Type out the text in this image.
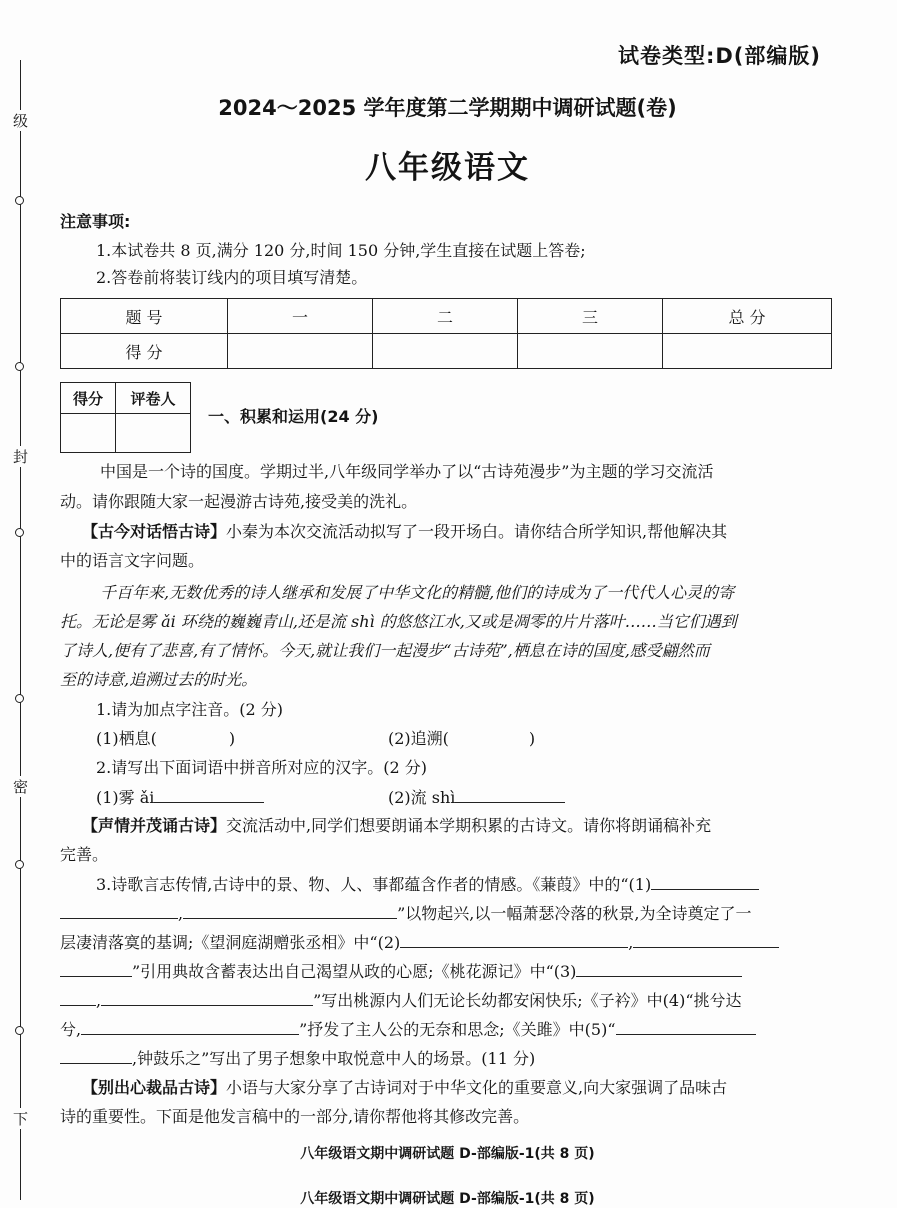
级
封
密
下
试卷类型:D(部编版)
2024～2025 学年度第二学期期中调研试题(卷)
八年级语文
注意事项:
1.本试卷共 8 页,满分 120 分,时间 150 分钟,学生直接在试题上答卷;
2.答卷前将装订线内的项目填写清楚。
题 号	一	二	三	总 分
得 分				
得分	评卷人

一、积累和运用(24 分)
中国是一个诗的国度。学期过半,八年级同学举办了以“古诗苑漫步”为主题的学习交流活
动。请你跟随大家一起漫游古诗苑,接受美的洗礼。
【古今对话悟古诗】小秦为本次交流活动拟写了一段开场白。请你结合所学知识,帮他解决其
中的语言文字问题。
千百年来,无数优秀的诗人继承和发展了中华文化的精髓,他们的诗成为了一代代人心灵的寄
托。无论是雾 ǎi 环绕的巍巍青山,还是流 shì 的悠悠江水,又或是凋零的片片落叶……当它们遇到
了诗人,便有了悲喜,有了情怀。今天,就让我们一起漫步“古诗苑”,栖息在诗的国度,感受翩然而
至的诗意,追溯过去的时光。
1.请为加点字注音。(2 分)
(1)栖息(	)	(2)追溯(	)
2.请写出下面词语中拼音所对应的汉字。(2 分)
(1)雾 ǎi	(2)流 shì
【声情并茂诵古诗】交流活动中,同学们想要朗诵本学期积累的古诗文。请你将朗诵稿补充
完善。
3.诗歌言志传情,古诗中的景、物、人、事都蕴含作者的情感。《蒹葭》中的“(1)
,	”以物起兴,以一幅萧瑟冷落的秋景,为全诗奠定了一
层凄清落寞的基调;《望洞庭湖赠张丞相》中“(2)	,
”引用典故含蓄表达出自己渴望从政的心愿;《桃花源记》中“(3)
,	”写出桃源内人们无论长幼都安闲快乐;《子衿》中(4)“挑兮达
兮,	”抒发了主人公的无奈和思念;《关雎》中(5)“
,钟鼓乐之”写出了男子想象中取悦意中人的场景。(11 分)
【别出心裁品古诗】小语与大家分享了古诗词对于中华文化的重要意义,向大家强调了品味古
诗的重要性。下面是他发言稿中的一部分,请你帮他将其修改完善。
八年级语文期中调研试题 D-部编版-1(共 8 页)
八年级语文期中调研试题 D-部编版-1(共 8 页)
